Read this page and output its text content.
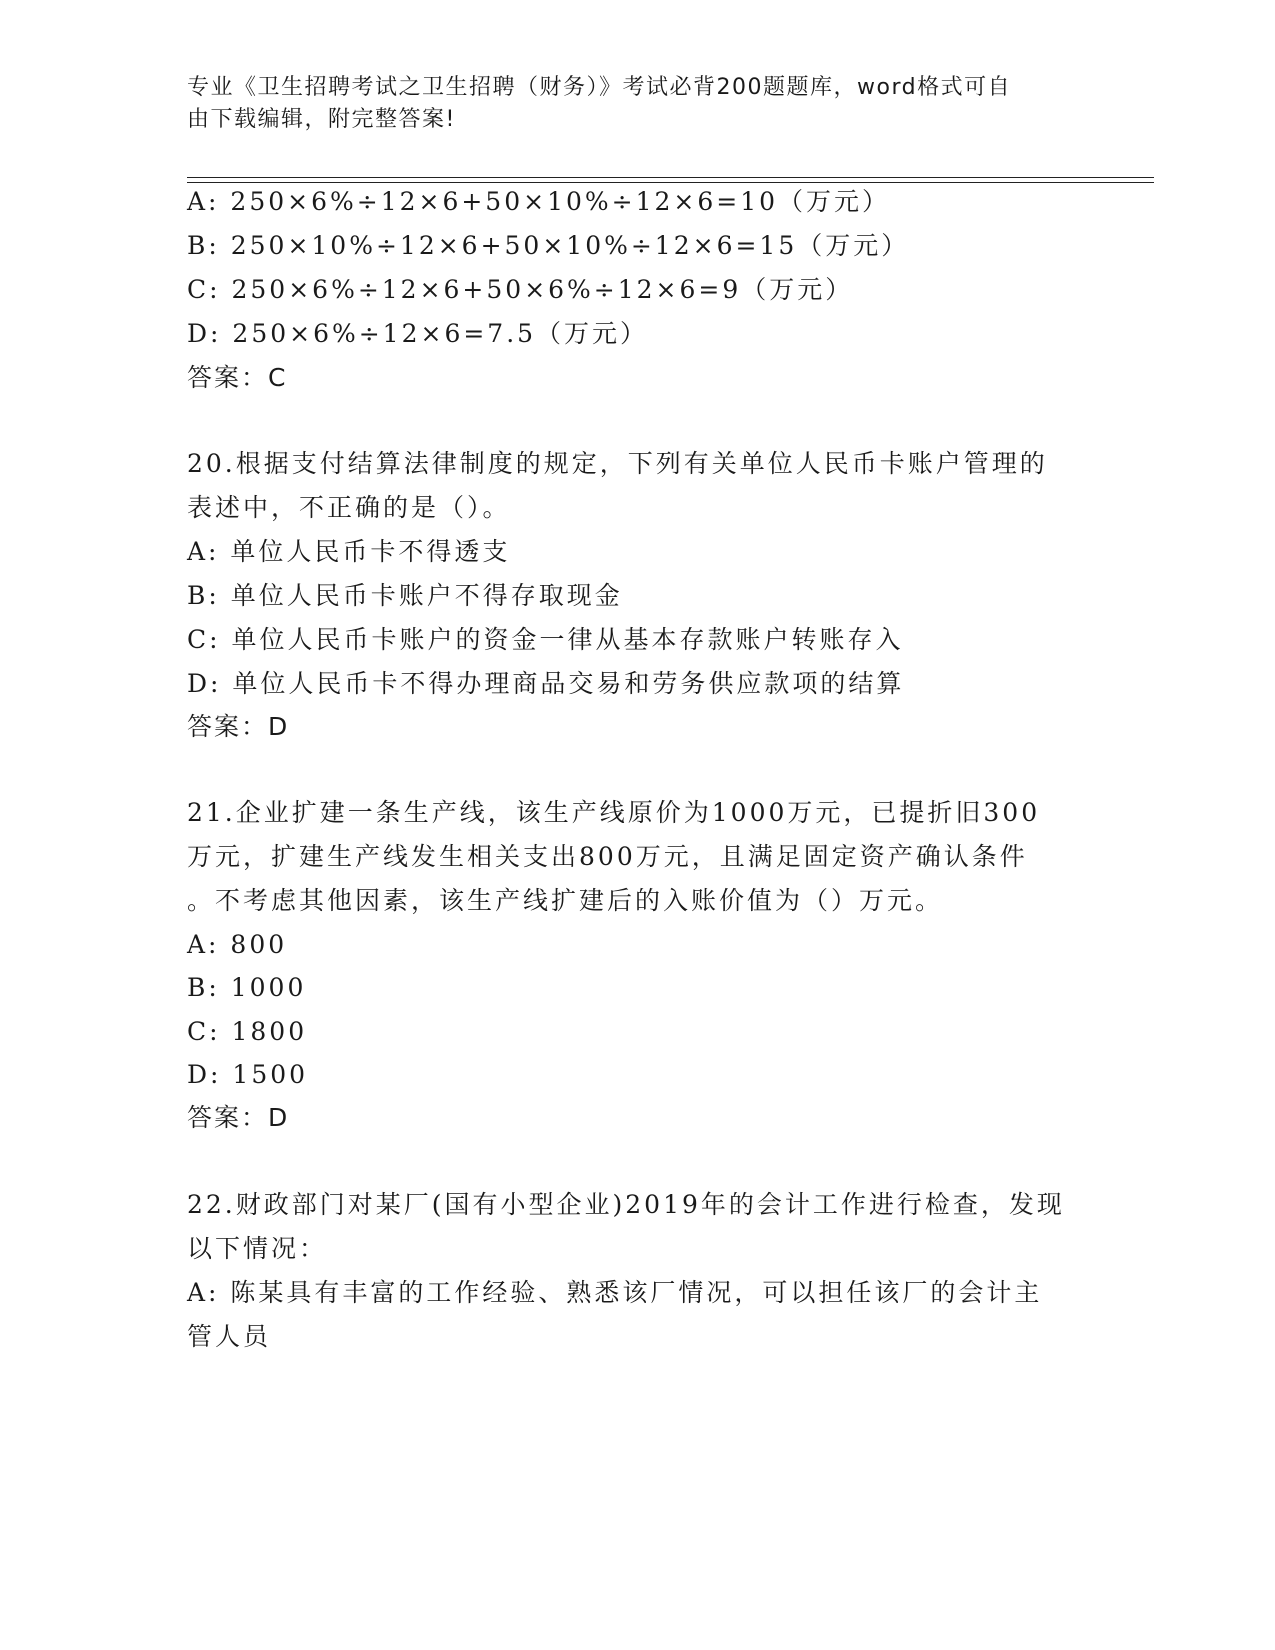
专业《卫生招聘考试之卫生招聘（财务）》考试必背200题题库，word格式可自
由下载编辑，附完整答案!
A: 250×6%÷12×6+50×10%÷12×6=10（万元）
B: 250×10%÷12×6+50×10%÷12×6=15（万元）
C: 250×6%÷12×6+50×6%÷12×6=9（万元）
D: 250×6%÷12×6=7.5（万元）
答案：C
20.根据支付结算法律制度的规定，下列有关单位人民币卡账户管理的
表述中，不正确的是（）。
A: 单位人民币卡不得透支
B: 单位人民币卡账户不得存取现金
C: 单位人民币卡账户的资金一律从基本存款账户转账存入
D: 单位人民币卡不得办理商品交易和劳务供应款项的结算
答案：D
21.企业扩建一条生产线，该生产线原价为1000万元，已提折旧300
万元，扩建生产线发生相关支出800万元，且满足固定资产确认条件
。不考虑其他因素，该生产线扩建后的入账价值为（）万元。
A: 800
B: 1000
C: 1800
D: 1500
答案：D
22.财政部门对某厂(国有小型企业)2019年的会计工作进行检查，发现
以下情况：
A: 陈某具有丰富的工作经验、熟悉该厂情况，可以担任该厂的会计主
管人员
